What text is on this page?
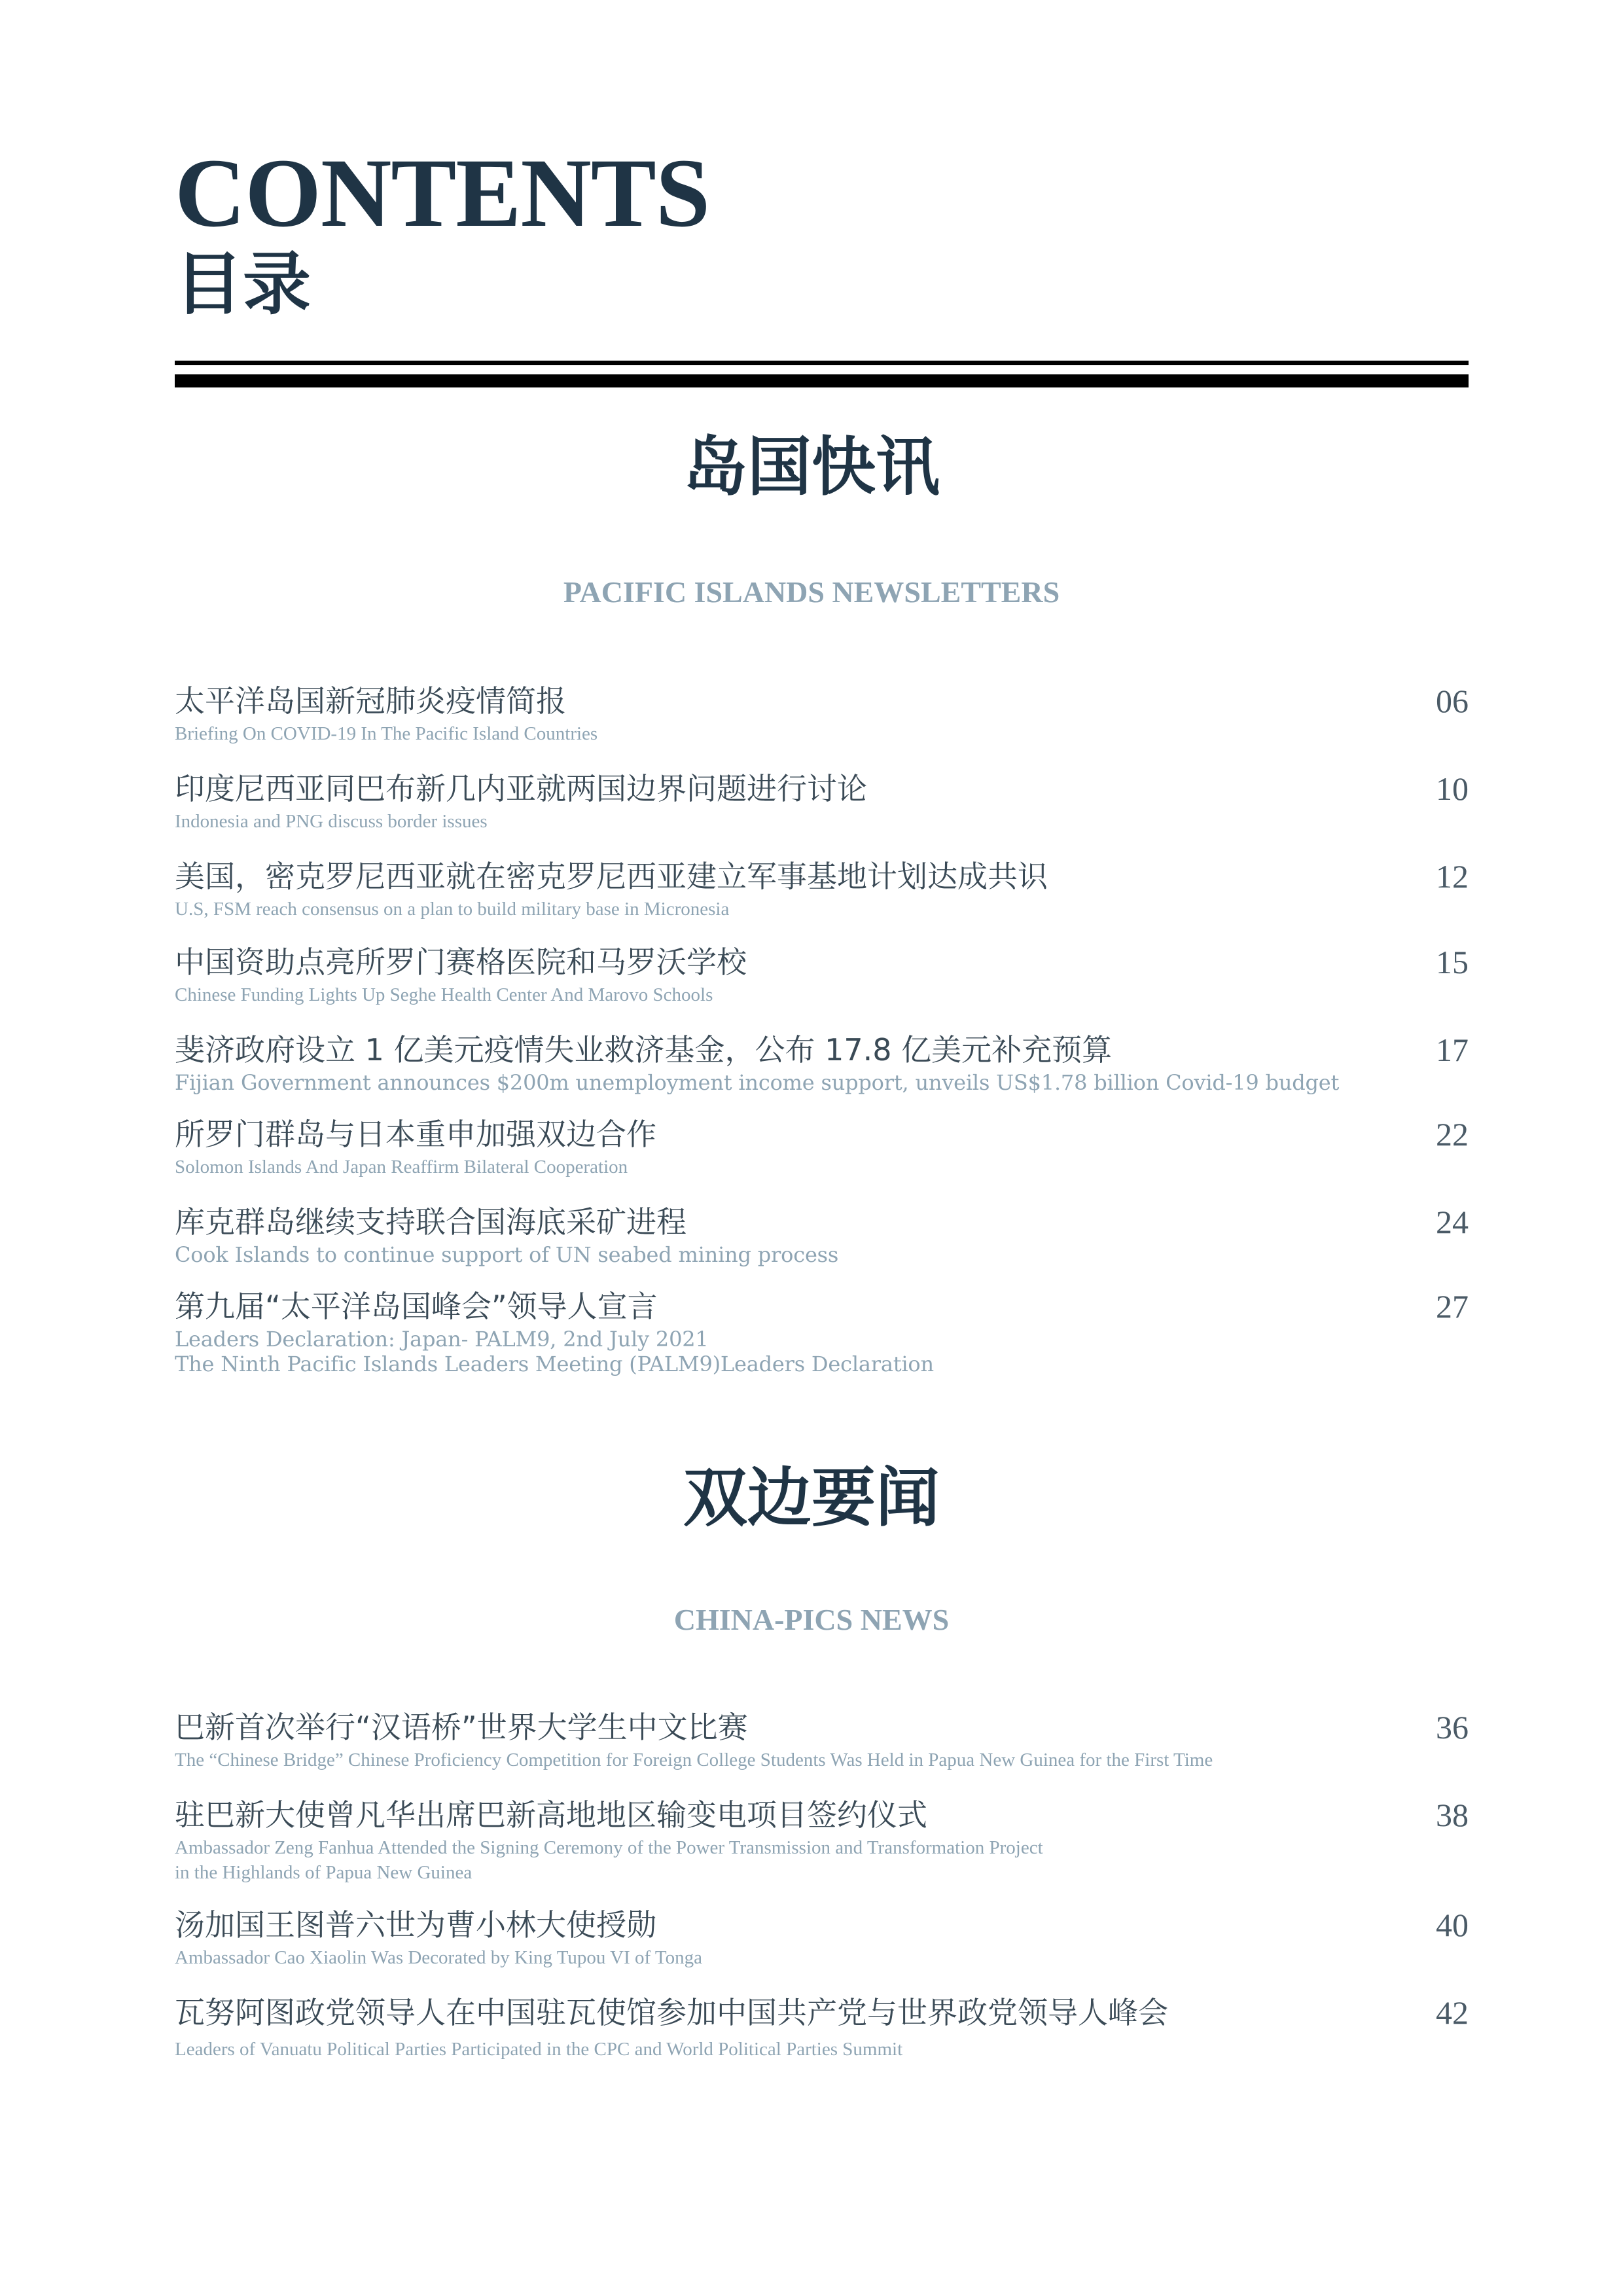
CONTENTS
目录
岛国快讯
PACIFIC ISLANDS NEWSLETTERS
太平洋岛国新冠肺炎疫情简报
Briefing On COVID-19 In The Pacific Island Countries
06
印度尼西亚同巴布新几内亚就两国边界问题进行讨论
Indonesia and PNG discuss border issues
10
美国，密克罗尼西亚就在密克罗尼西亚建立军事基地计划达成共识
U.S, FSM reach consensus on a plan to build military base in Micronesia
12
中国资助点亮所罗门赛格医院和马罗沃学校
Chinese Funding Lights Up Seghe Health Center And Marovo Schools
15
斐济政府设立 1 亿美元疫情失业救济基金，公布 17.8 亿美元补充预算
Fijian Government announces $200m unemployment income support, unveils US$1.78 billion Covid-19 budget
17
所罗门群岛与日本重申加强双边合作
Solomon Islands And Japan Reaffirm Bilateral Cooperation
22
库克群岛继续支持联合国海底采矿进程
Cook Islands to continue support of UN seabed mining process
24
第九届“太平洋岛国峰会”领导人宣言
Leaders Declaration: Japan- PALM9, 2nd July 2021
The Ninth Pacific Islands Leaders Meeting (PALM9)Leaders Declaration
27
双边要闻
CHINA-PICS NEWS
巴新首次举行“汉语桥”世界大学生中文比赛
The “Chinese Bridge” Chinese Proficiency Competition for Foreign College Students Was Held in Papua New Guinea for the First Time
36
驻巴新大使曾凡华出席巴新高地地区输变电项目签约仪式
Ambassador Zeng Fanhua Attended the Signing Ceremony of the Power Transmission and Transformation Project
in the Highlands of Papua New Guinea
38
汤加国王图普六世为曹小林大使授勋
Ambassador Cao Xiaolin Was Decorated by King Tupou VI of Tonga
40
瓦努阿图政党领导人在中国驻瓦使馆参加中国共产党与世界政党领导人峰会
Leaders of Vanuatu Political Parties Participated in the CPC and World Political Parties Summit
42
